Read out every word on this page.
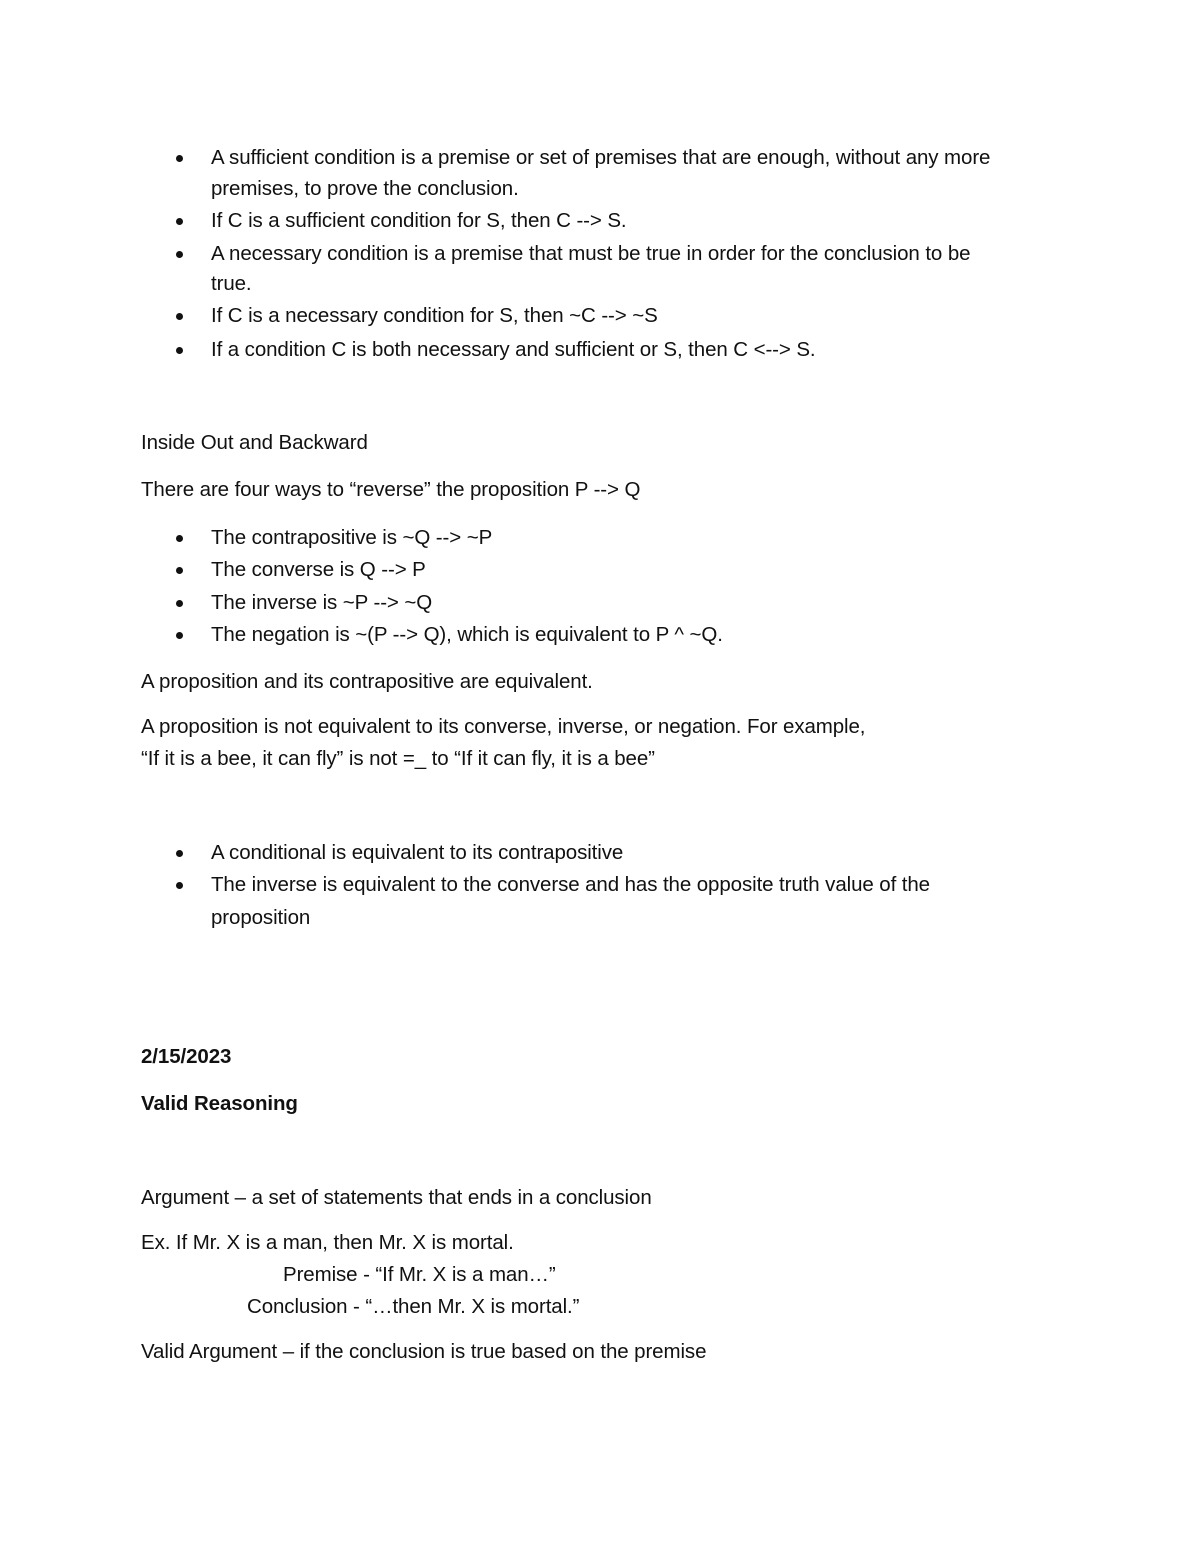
A sufficient condition is a premise or set of premises that are enough, without any more
premises, to prove the conclusion.
If C is a sufficient condition for S, then C --> S.
A necessary condition is a premise that must be true in order for the conclusion to be
true.
If C is a necessary condition for S, then ~C --> ~S
If a condition C is both necessary and sufficient or S, then C <--> S.
Inside Out and Backward
There are four ways to “reverse” the proposition P --> Q
The contrapositive is ~Q --> ~P
The converse is Q --> P
The inverse is ~P --> ~Q
The negation is ~(P --> Q), which is equivalent to P ^ ~Q.
A proposition and its contrapositive are equivalent.
A proposition is not equivalent to its converse, inverse, or negation. For example,
“If it is a bee, it can fly” is not =_ to “If it can fly, it is a bee”
A conditional is equivalent to its contrapositive
The inverse is equivalent to the converse and has the opposite truth value of the
proposition
2/15/2023
Valid Reasoning
Argument – a set of statements that ends in a conclusion
Ex. If Mr. X is a man, then Mr. X is mortal.
Premise - “If Mr. X is a man…”
Conclusion - “…then Mr. X is mortal.”
Valid Argument – if the conclusion is true based on the premise
